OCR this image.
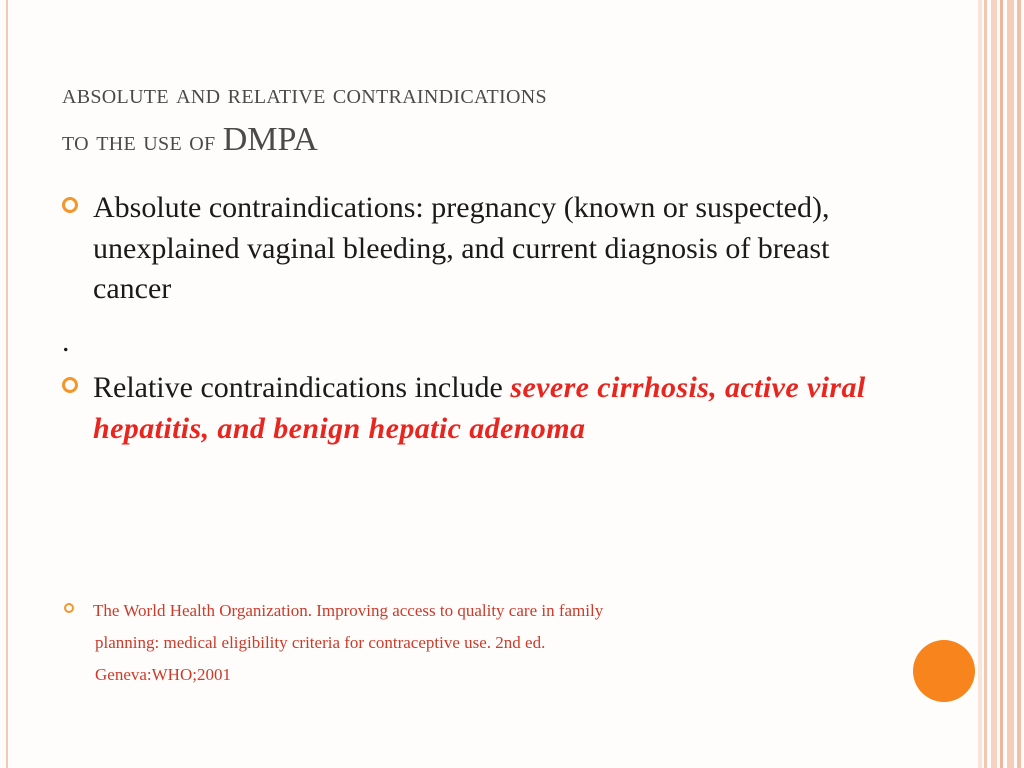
absolute and relative contraindications
to the use of DMPA
Absolute contraindications: pregnancy (known or suspected), unexplained vaginal bleeding, and current diagnosis of breast cancer
.
Relative contraindications include severe cirrhosis, active viral hepatitis, and benign hepatic adenoma
The World Health Organization. Improving access to quality care in family
planning: medical eligibility criteria for contraceptive use. 2nd ed.
Geneva:WHO;2001
